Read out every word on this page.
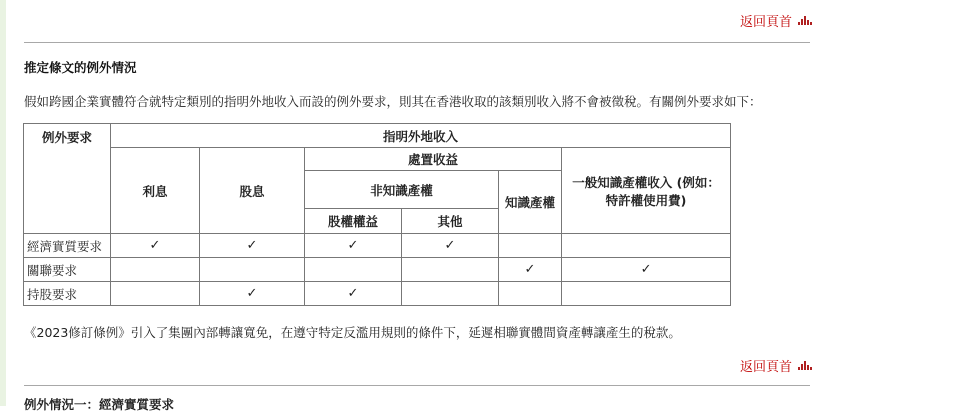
返回頁首
推定條文的例外情況
假如跨國企業實體符合就特定類別的指明外地收入而設的例外要求，則其在香港收取的該類別收入將不會被徵稅。有關例外要求如下：
例外要求	指明外地收入					
	利息	股息	處置收益			一般知識產權收入 (例如：
特許權使用費)
			非知識產權		知識產權	
			股權權益	其他		
經濟實質要求	✓	✓	✓	✓		
關聯要求					✓	✓
持股要求		✓	✓			
《2023修訂條例》引入了集團內部轉讓寬免，在遵守特定反濫用規則的條件下，延遲相聯實體間資產轉讓產生的稅款。
返回頁首
例外情況一：經濟實質要求
